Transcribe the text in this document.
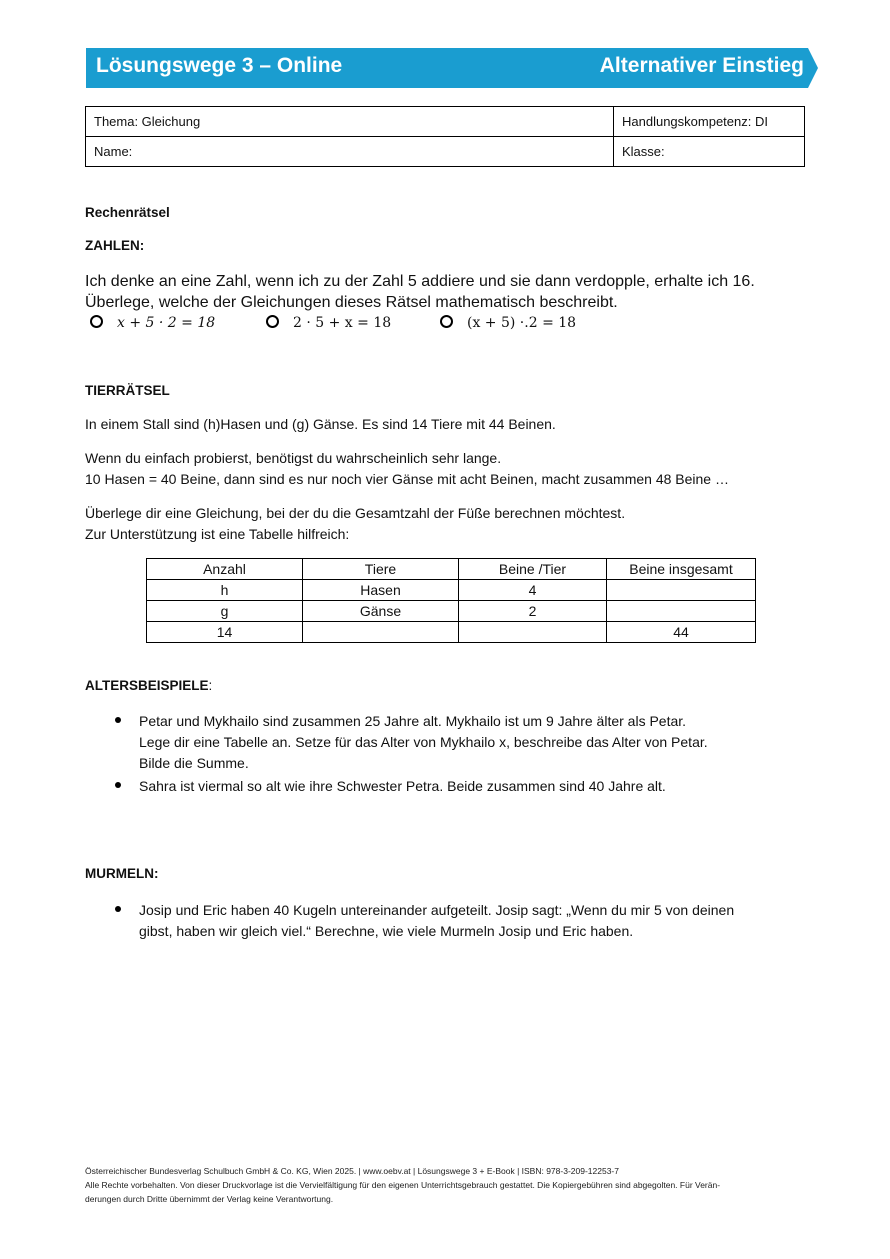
Lösungswege 3 – Online	Alternativer Einstieg
Thema: Gleichung	Handlungskompetenz: DI
Name:	Klasse:
Rechenrätsel
ZAHLEN:
Ich denke an eine Zahl, wenn ich zu der Zahl 5 addiere und sie dann verdopple, erhalte ich 16.
Überlege, welche der Gleichungen dieses Rätsel mathematisch beschreibt.
x + 5 · 2 = 18	2 · 5 + x = 18	(x + 5) ·.2 = 18
TIERRÄTSEL
In einem Stall sind (h)Hasen und (g) Gänse. Es sind 14 Tiere mit 44 Beinen.
Wenn du einfach probierst, benötigst du wahrscheinlich sehr lange.
10 Hasen = 40 Beine, dann sind es nur noch vier Gänse mit acht Beinen, macht zusammen 48 Beine …
Überlege dir eine Gleichung, bei der du die Gesamtzahl der Füße berechnen möchtest.
Zur Unterstützung ist eine Tabelle hilfreich:
Anzahl	Tiere	Beine /Tier	Beine insgesamt
h	Hasen	4	
g	Gänse	2	
14			44
ALTERSBEISPIELE:
Petar und Mykhailo sind zusammen 25 Jahre alt. Mykhailo ist um 9 Jahre älter als Petar.
Lege dir eine Tabelle an. Setze für das Alter von Mykhailo x, beschreibe das Alter von Petar.
Bilde die Summe.
Sahra ist viermal so alt wie ihre Schwester Petra. Beide zusammen sind 40 Jahre alt.
MURMELN:
Josip und Eric haben 40 Kugeln untereinander aufgeteilt. Josip sagt: „Wenn du mir 5 von deinen
gibst, haben wir gleich viel.“ Berechne, wie viele Murmeln Josip und Eric haben.
Österreichischer Bundesverlag Schulbuch GmbH & Co. KG, Wien 2025. | www.oebv.at | Lösungswege 3 + E-Book | ISBN: 978-3-209-12253-7
Alle Rechte vorbehalten. Von dieser Druckvorlage ist die Vervielfältigung für den eigenen Unterrichtsgebrauch gestattet. Die Kopiergebühren sind abgegolten. Für Verän-
derungen durch Dritte übernimmt der Verlag keine Verantwortung.
